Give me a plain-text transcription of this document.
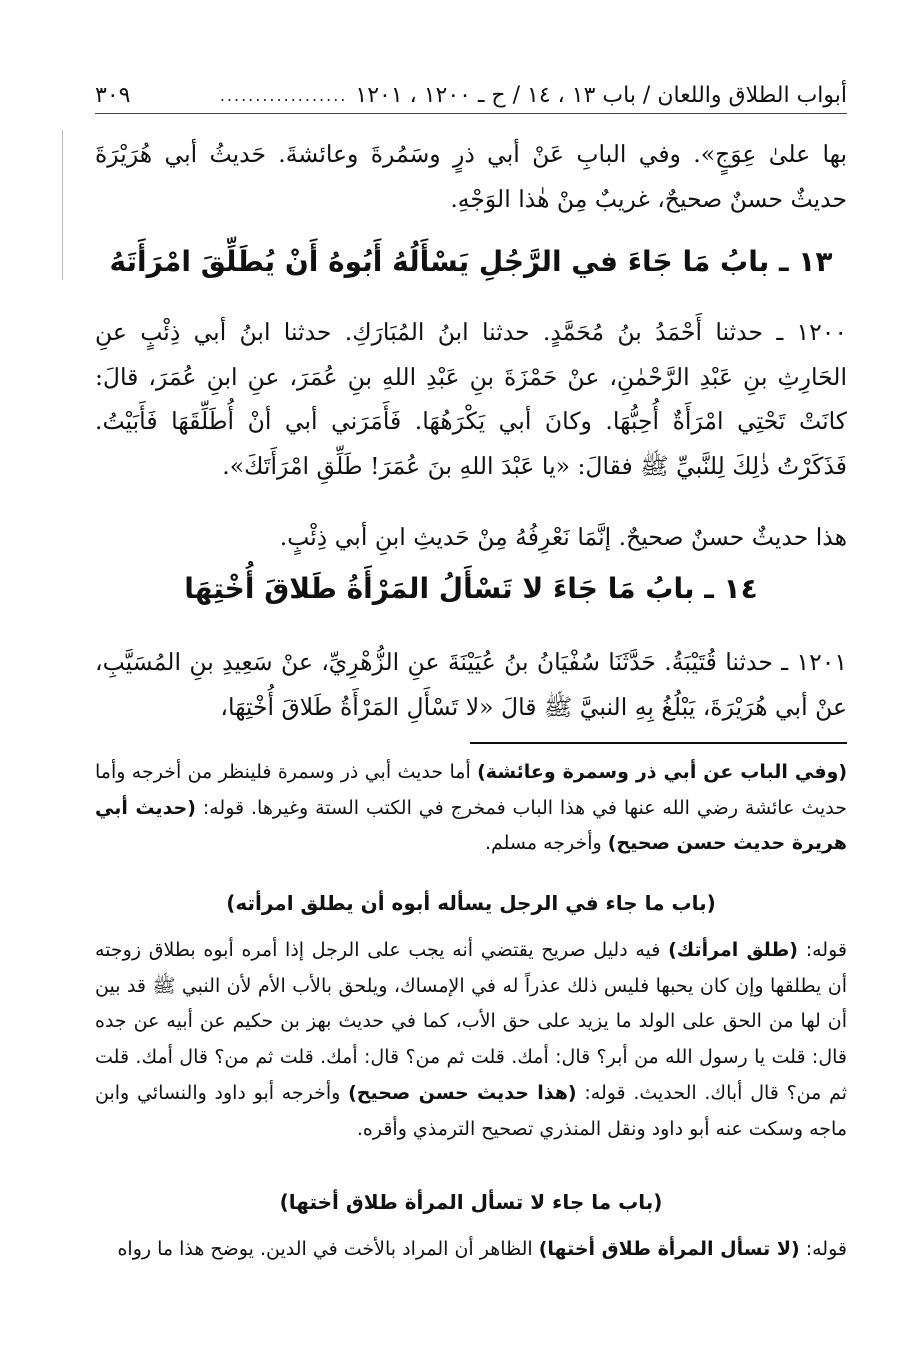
أبواب الطلاق واللعان / باب ١٣ ، ١٤ / ح ـ ١٢٠٠ ، ١٢٠١
..................
٣٠٩
بها علىٰ عِوَجٍ». وفي البابِ عَنْ أبي ذرٍ وسَمُرةَ وعائشةَ. حَديثُ أبي هُرَيْرَةَ حديثٌ حسنٌ صحيحٌ، غريبٌ مِنْ هٰذا الوَجْهِ.
١٣ ـ بابُ مَا جَاءَ في الرَّجُلِ يَسْأَلُهُ أَبُوهُ أَنْ يُطَلِّقَ امْرَأَتَهُ
١٢٠٠ ـ حدثنا أَحْمَدُ بنُ مُحَمَّدٍ. حدثنا ابنُ المُبَارَكِ. حدثنا ابنُ أبي ذِئْبٍ عنِ الحَارِثِ بنِ عَبْدِ الرَّحْمٰنِ، عنْ حَمْزَةَ بنِ عَبْدِ اللهِ بنِ عُمَرَ، عنِ ابنِ عُمَرَ، قالَ: كانَتْ تَحْتِي امْرَأَةٌ أُحِبُّهَا. وكانَ أبي يَكْرَهُهَا. فَأَمَرَني أبي أنْ أُطَلِّقَهَا فَأَبَيْتُ. فَذَكَرْتُ ذٰلِكَ لِلنَّبيِّ ﷺ فقالَ: «يا عَبْدَ اللهِ بنَ عُمَرَ! طَلِّقِ امْرَأَتَكَ».
هذا حديثٌ حسنٌ صحيحٌ. إنَّمَا نَعْرِفُهُ مِنْ حَديثِ ابنِ أبي ذِئْبٍ.
١٤ ـ بابُ مَا جَاءَ لا تَسْأَلُ المَرْأَةُ طَلاقَ أُخْتِهَا
١٢٠١ ـ حدثنا قُتَيْبَةُ. حَدَّثَنَا سُفْيَانُ بنُ عُيَيْنَةَ عنِ الزُّهْرِيِّ، عنْ سَعِيدِ بنِ المُسَيَّبِ، عنْ أبي هُرَيْرَةَ، يَبْلُغُ بِهِ النبيَّ ﷺ قالَ «لا تَسْأَلِ المَرْأَةُ طَلاقَ أُخْتِهَا،
(وفي الباب عن أبي ذر وسمرة وعائشة) أما حديث أبي ذر وسمرة فلينظر من أخرجه وأما حديث عائشة رضي الله عنها في هذا الباب فمخرج في الكتب الستة وغيرها. قوله: (حديث أبي هريرة حديث حسن صحيح) وأخرجه مسلم.
(باب ما جاء في الرجل يسأله أبوه أن يطلق امرأته)
قوله: (طلق امرأتك) فيه دليل صريح يقتضي أنه يجب على الرجل إذا أمره أبوه بطلاق زوجته أن يطلقها وإن كان يحبها فليس ذلك عذراً له في الإمساك، ويلحق بالأب الأم لأن النبي ﷺ قد بين أن لها من الحق على الولد ما يزيد على حق الأب، كما في حديث بهز بن حكيم عن أبيه عن جده قال: قلت يا رسول الله من أبر؟ قال: أمك. قلت ثم من؟ قال: أمك. قلت ثم من؟ قال أمك. قلت ثم من؟ قال أباك. الحديث. قوله: (هذا حديث حسن صحيح) وأخرجه أبو داود والنسائي وابن ماجه وسكت عنه أبو داود ونقل المنذري تصحيح الترمذي وأقره.
(باب ما جاء لا تسأل المرأة طلاق أختها)
قوله: (لا تسأل المرأة طلاق أختها) الظاهر أن المراد بالأخت في الدين. يوضح هذا ما رواه
